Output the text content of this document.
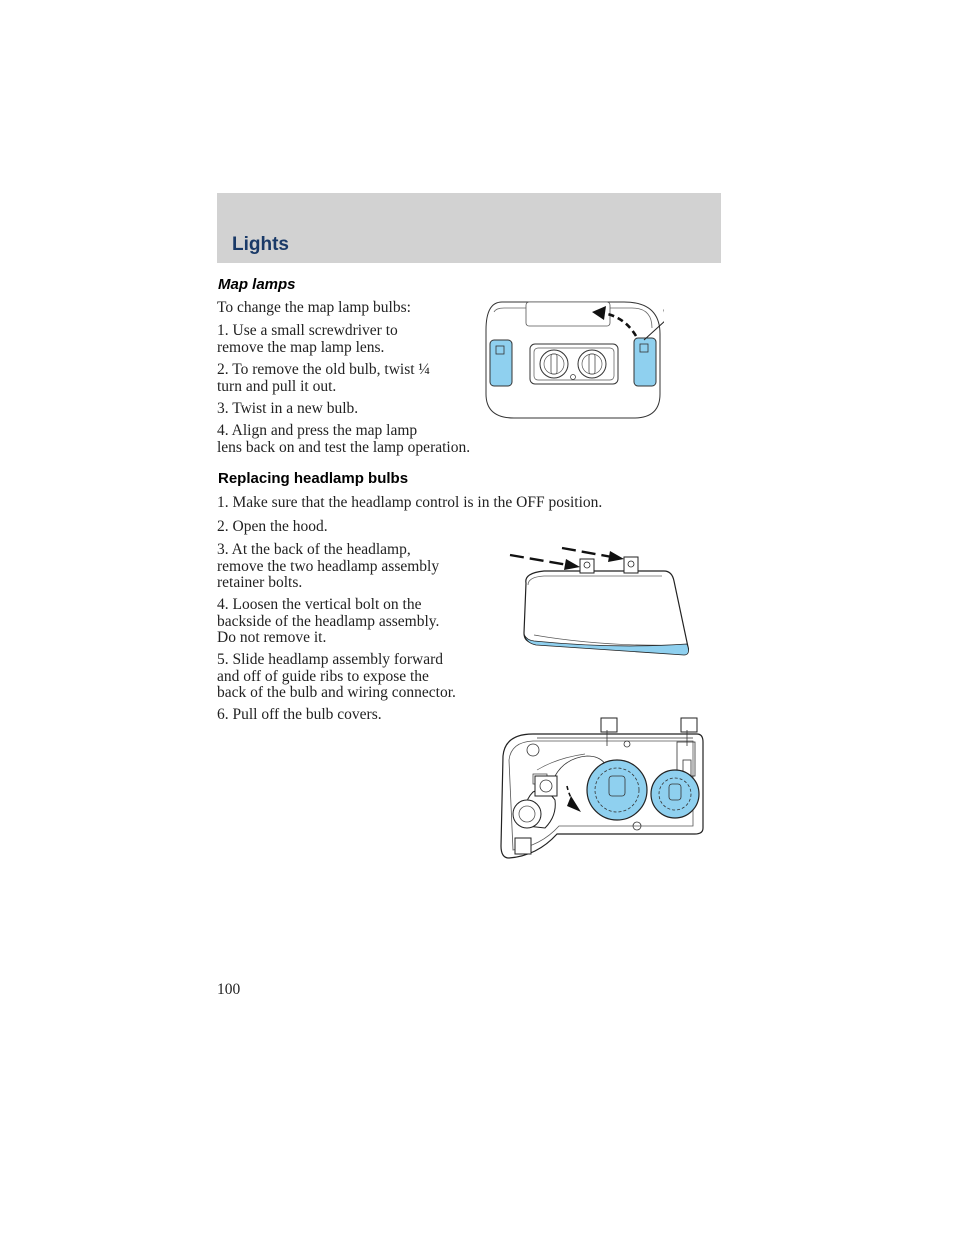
Lights
Map lamps

To change the map lamp bulbs:

1. Use a small screwdriver to
remove the map lamp lens.

2. To remove the old bulb, twist ¼
turn and pull it out.

3. Twist in a new bulb.

4. Align and press the map lamp
lens back on and test the lamp operation.

Replacing headlamp bulbs

1. Make sure that the headlamp control is in the OFF position.

2. Open the hood.

3. At the back of the headlamp,
remove the two headlamp assembly
retainer bolts.

4. Loosen the vertical bolt on the
backside of the headlamp assembly.
Do not remove it.

5. Slide headlamp assembly forward
and off of guide ribs to expose the
back of the bulb and wiring connector.

6. Pull off the bulb covers.

100
